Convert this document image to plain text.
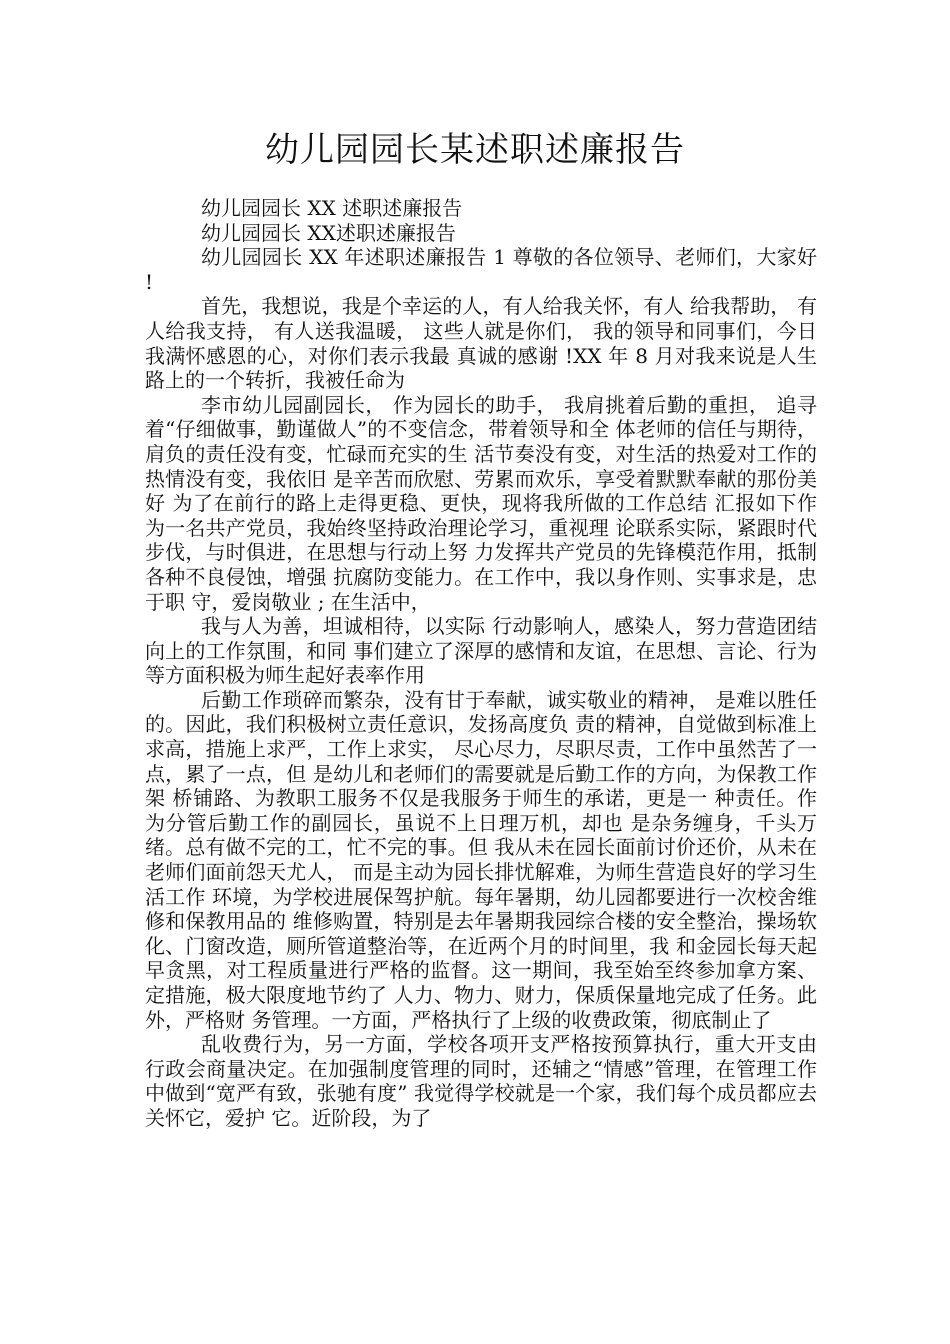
幼儿园园长某述职述廉报告

幼儿园园长 XX 述职述廉报告

幼儿园园长 XX述职述廉报告

幼儿园园长 XX 年述职述廉报告 1 尊敬的各位领导、老师们，大家好 !

首先，我想说，我是个幸运的人，有人给我关怀，有人 给我帮助， 有人给我支持， 有人送我温暖， 这些人就是你们， 我的领导和同事们，今日我满怀感恩的心，对你们表示我最 真诚的感谢 !XX 年 8 月对我来说是人生路上的一个转折，我被任命为

李市幼儿园副园长， 作为园长的助手， 我肩挑着后勤的重担， 追寻着“仔细做事，勤谨做人”的不变信念，带着领导和全 体老师的信任与期待，肩负的责任没有变，忙碌而充实的生 活节奏没有变，对生活的热爱对工作的热情没有变，我依旧 是辛苦而欣慰、劳累而欢乐，享受着默默奉献的那份美好 为了在前行的路上走得更稳、更快，现将我所做的工作总结 汇报如下作为一名共产党员，我始终坚持政治理论学习，重视理 论联系实际，紧跟时代步伐，与时俱进，在思想与行动上努 力发挥共产党员的先锋模范作用，抵制各种不良侵蚀，增强 抗腐防变能力。在工作中，我以身作则、实事求是，忠于职 守，爱岗敬业 ; 在生活中，

我与人为善，坦诚相待，以实际 行动影响人，感染人，努力营造团结向上的工作氛围，和同 事们建立了深厚的感情和友谊，在思想、言论、行为等方面积极为师生起好表率作用

后勤工作琐碎而繁杂，没有甘于奉献，诚实敬业的精神， 是难以胜任的。因此，我们积极树立责任意识，发扬高度负 责的精神，自觉做到标准上求高，措施上求严，工作上求实， 尽心尽力，尽职尽责，工作中虽然苦了一点，累了一点，但 是幼儿和老师们的需要就是后勤工作的方向，为保教工作架 桥铺路、为教职工服务不仅是我服务于师生的承诺，更是一 种责任。作为分管后勤工作的副园长，虽说不上日理万机，却也 是杂务缠身，千头万绪。总有做不完的工，忙不完的事。但 我从未在园长面前讨价还价，从未在老师们面前怨天尤人， 而是主动为园长排忧解难，为师生营造良好的学习生活工作 环境，为学校进展保驾护航。每年暑期，幼儿园都要进行一次校舍维修和保教用品的 维修购置，特别是去年暑期我园综合楼的安全整治，操场软 化、门窗改造，厕所管道整治等，在近两个月的时间里，我 和金园长每天起早贪黑，对工程质量进行严格的监督。这一期间，我至始至终参加拿方案、定措施，极大限度地节约了 人力、物力、财力，保质保量地完成了任务。此外，严格财 务管理。一方面，严格执行了上级的收费政策，彻底制止了

乱收费行为，另一方面，学校各项开支严格按预算执行，重大开支由行政会商量决定。在加强制度管理的同时，还辅之“情感”管理，在管理工作中做到“宽严有致，张驰有度” 我觉得学校就是一个家，我们每个成员都应去关怀它，爱护 它。近阶段，为了
